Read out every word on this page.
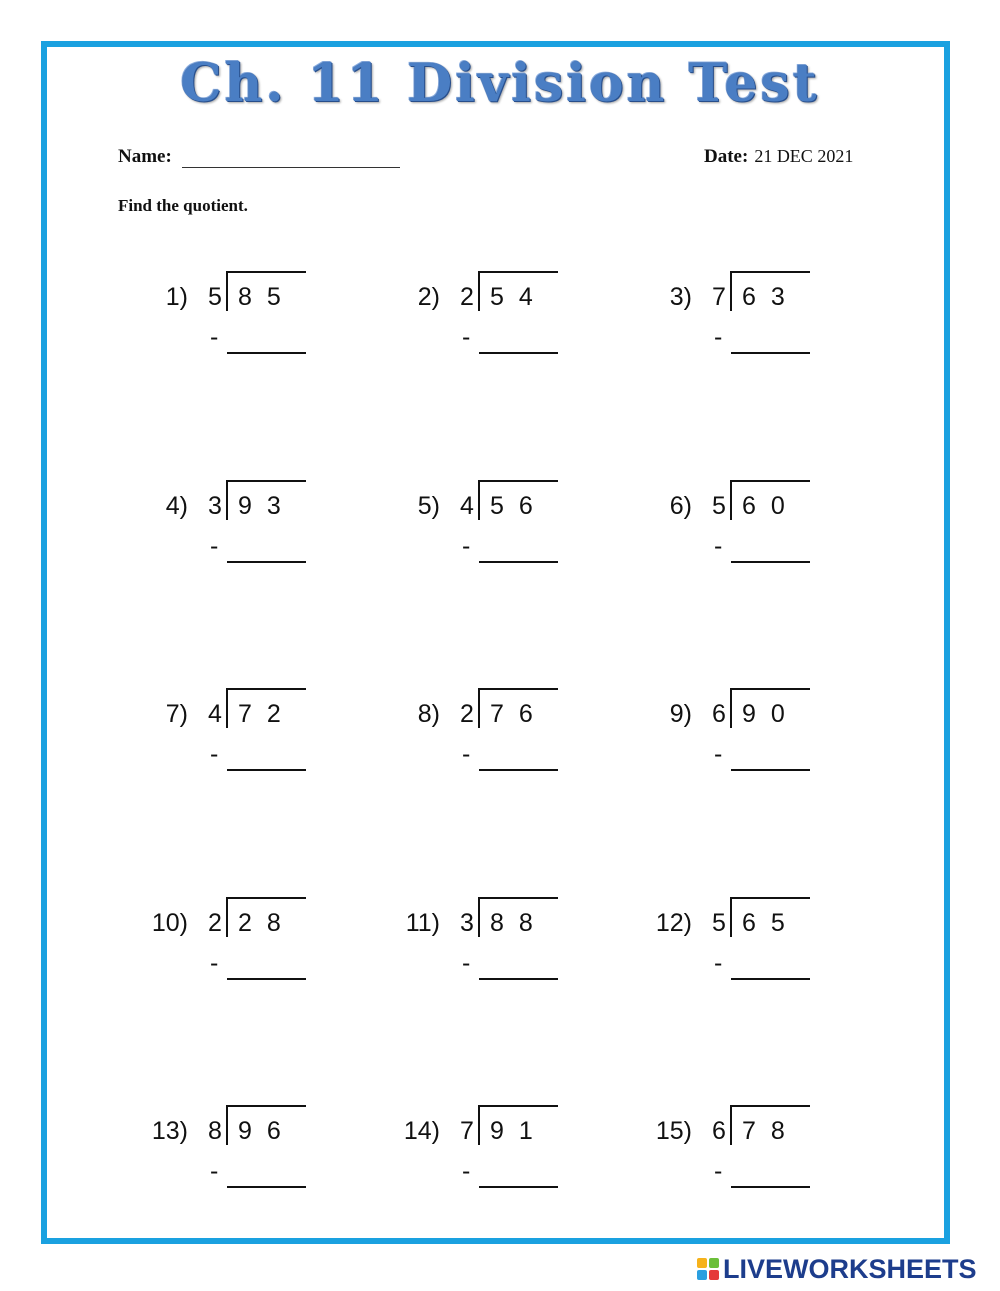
Ch. 11 Division Test
Name:	Date: 21 DEC 2021
Find the quotient.
1) 5 85
-
2) 2 54
-
3) 7 63
-
4) 3 93
-
5) 4 56
-
6) 5 60
-
7) 4 72
-
8) 2 76
-
9) 6 90
-
10) 2 28
-
11) 3 88
-
12) 5 65
-
13) 8 96
-
14) 7 91
-
15) 6 78
-
LIVEWORKSHEETS
